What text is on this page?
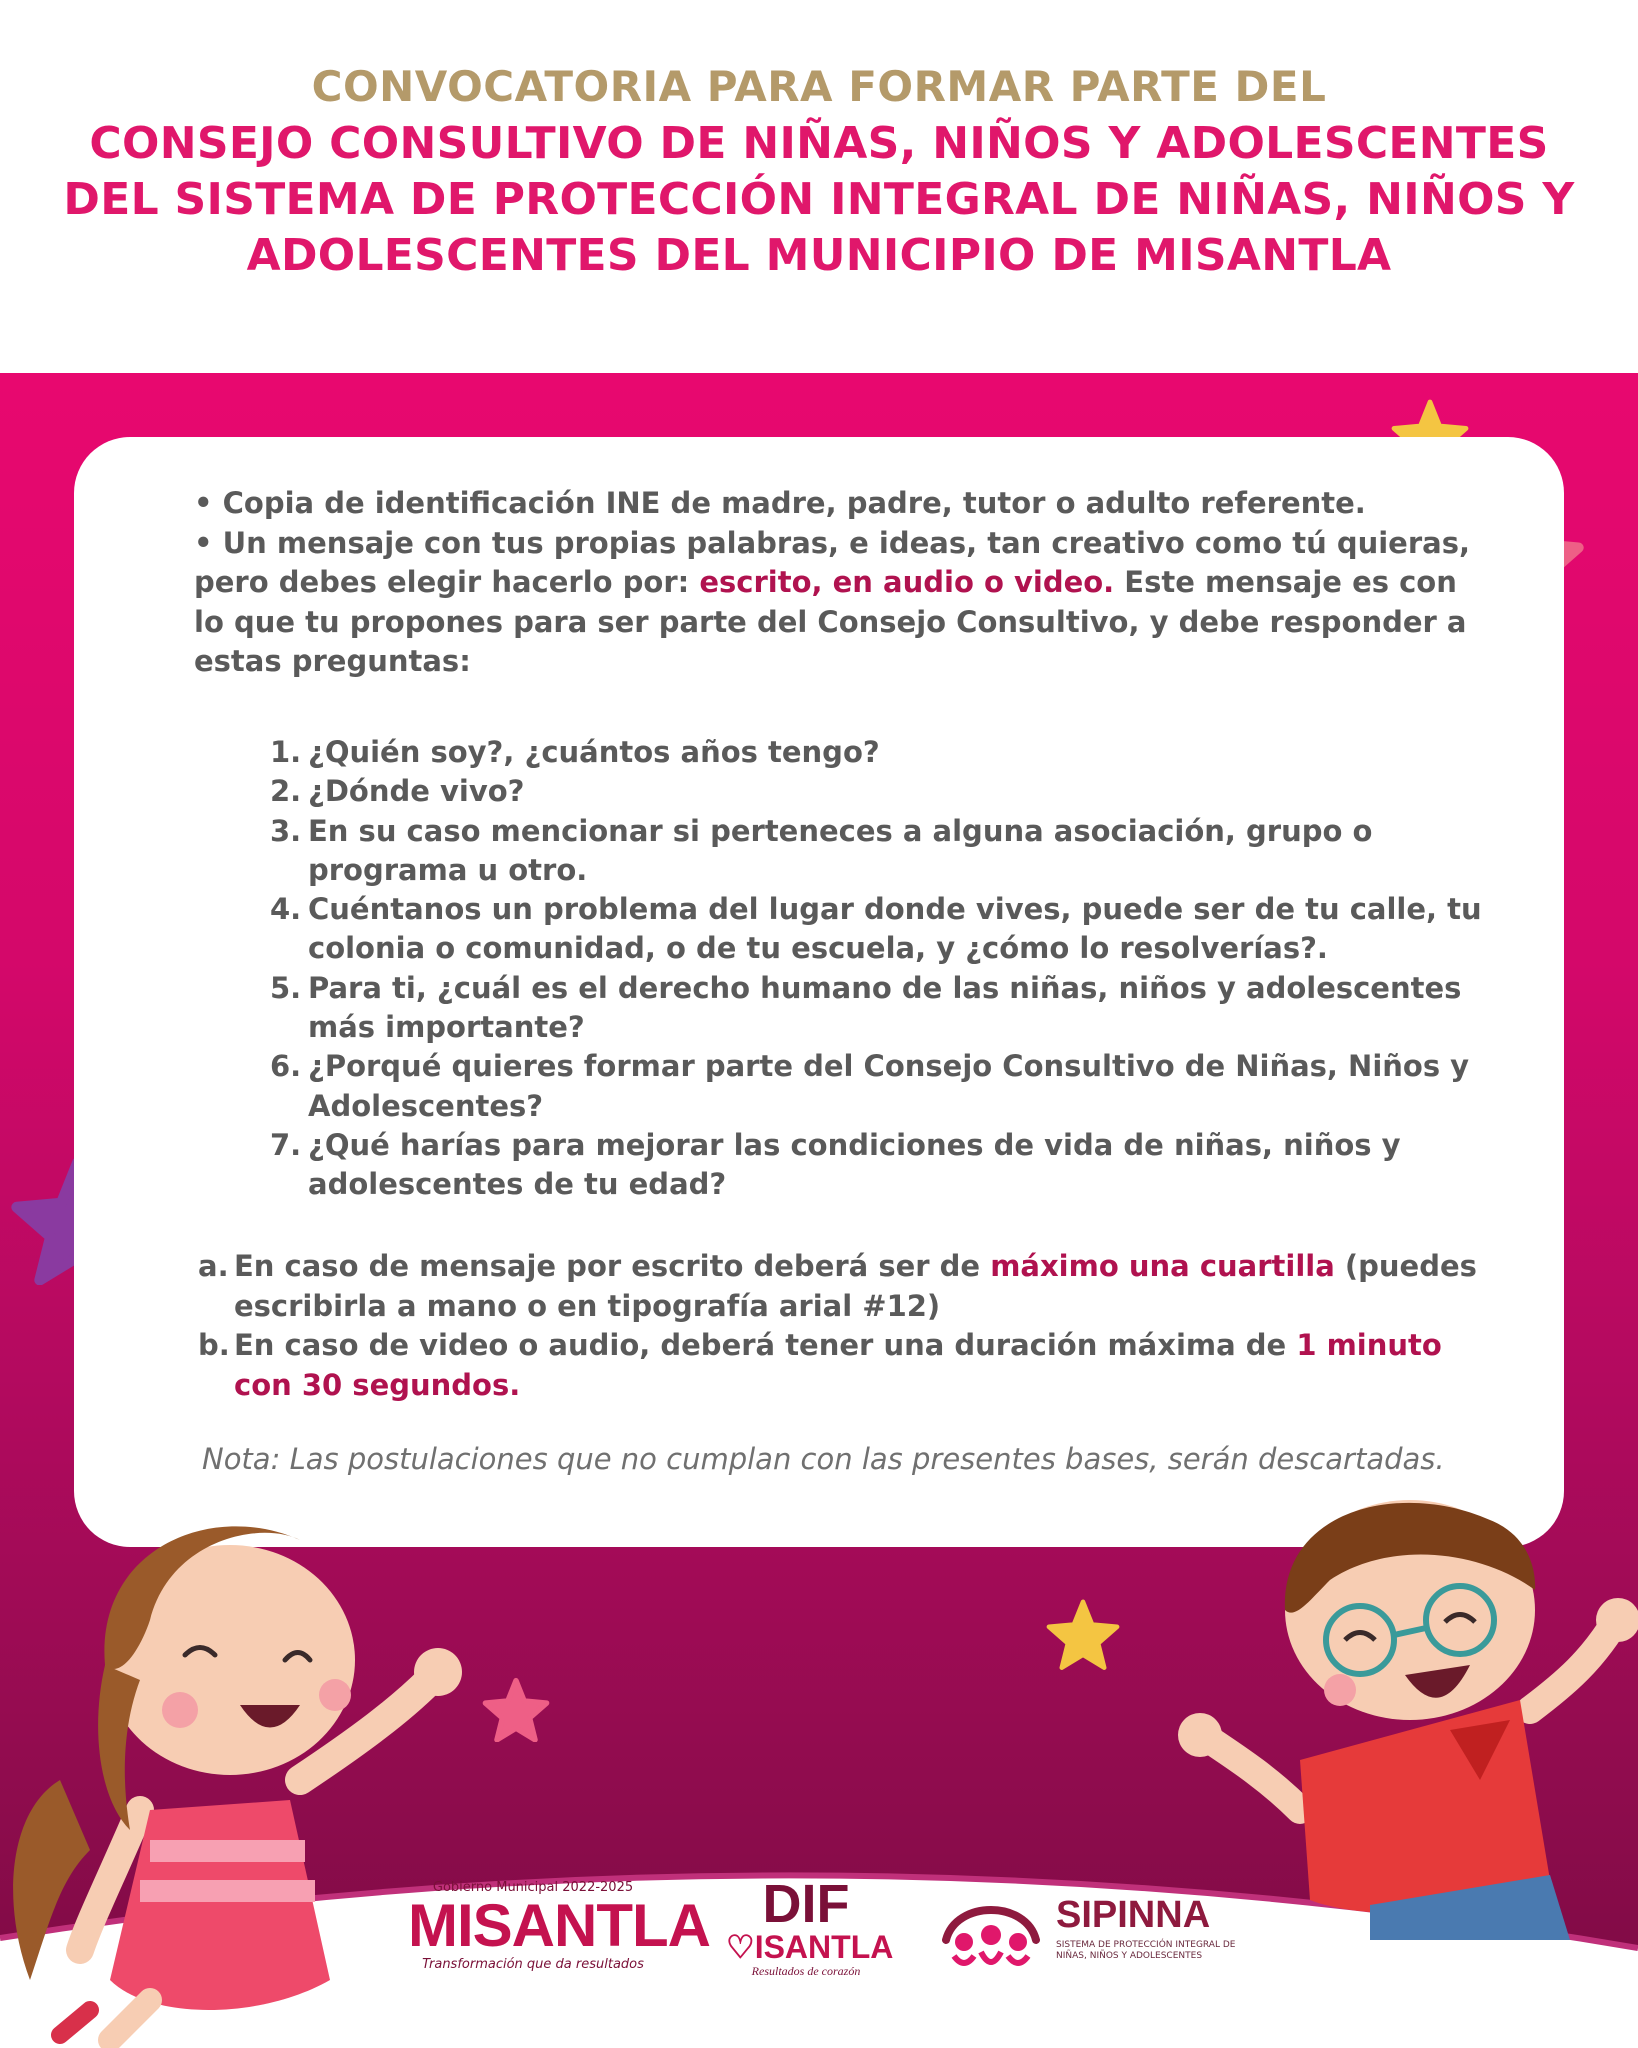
CONVOCATORIA PARA FORMAR PARTE DEL
CONSEJO CONSULTIVO DE NIÑAS, NIÑOS Y ADOLESCENTES
DEL SISTEMA DE PROTECCIÓN INTEGRAL DE NIÑAS, NIÑOS Y
ADOLESCENTES DEL MUNICIPIO DE MISANTLA
• Copia de identificación INE de madre, padre, tutor o adulto referente.
• Un mensaje con tus propias palabras, e ideas, tan creativo como tú quieras, pero debes elegir hacerlo por: escrito, en audio o video. Este mensaje es con lo que tu propones para ser parte del Consejo Consultivo, y debe responder a estas preguntas:
1. ¿Quién soy?, ¿cuántos años tengo?
2. ¿Dónde vivo?
3. En su caso mencionar si perteneces a alguna asociación, grupo o programa u otro.
4. Cuéntanos un problema del lugar donde vives, puede ser de tu calle, tu colonia o comunidad, o de tu escuela, y ¿cómo lo resolverías?.
5. Para ti, ¿cuál es el derecho humano de las niñas, niños y adolescentes más importante?
6. ¿Porqué quieres formar parte del Consejo Consultivo de Niñas, Niños y Adolescentes?
7. ¿Qué harías para mejorar las condiciones de vida de niñas, niños y adolescentes de tu edad?
a. En caso de mensaje por escrito deberá ser de máximo una cuartilla (puedes escribirla a mano o en tipografía arial #12)
b. En caso de video o audio, deberá tener una duración máxima de 1 minuto con 30 segundos.
Nota: Las postulaciones que no cumplan con las presentes bases, serán descartadas.
Gobierno Municipal 2022-2025
MISANTLA
Transformación que da resultados
DIF
♡ISANTLA
Resultados de corazón
SIPINNA
SISTEMA DE PROTECCIÓN INTEGRAL DE NIÑAS, NIÑOS Y ADOLESCENTES
